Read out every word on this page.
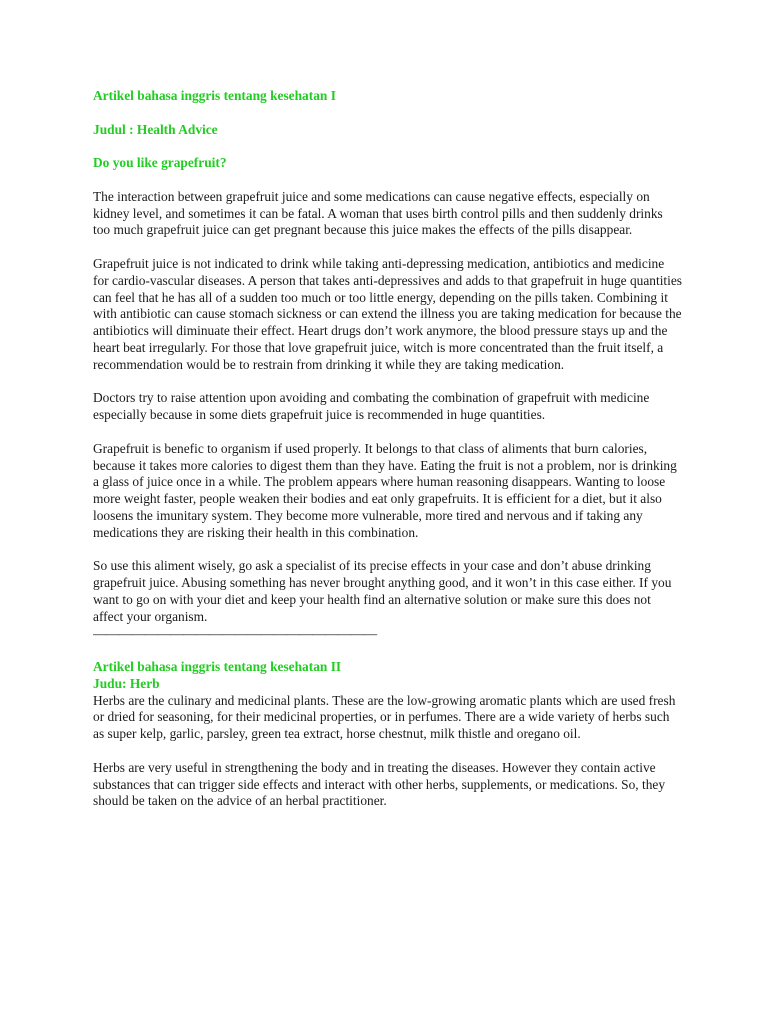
Artikel bahasa inggris tentang kesehatan I

Judul : Health Advice

Do you like grapefruit?

The interaction between grapefruit juice and some medications can cause negative effects, especially on kidney level, and sometimes it can be fatal. A woman that uses birth control pills and then suddenly drinks too much grapefruit juice can get pregnant because this juice makes the effects of the pills disappear.

Grapefruit juice is not indicated to drink while taking anti-depressing medication, antibiotics and medicine for cardio-vascular diseases. A person that takes anti-depressives and adds to that grapefruit in huge quantities can feel that he has all of a sudden too much or too little energy, depending on the pills taken. Combining it with antibiotic can cause stomach sickness or can extend the illness you are taking medication for because the antibiotics will diminuate their effect. Heart drugs don’t work anymore, the blood pressure stays up and the heart beat irregularly. For those that love grapefruit juice, witch is more concentrated than the fruit itself, a recommendation would be to restrain from drinking it while they are taking medication.

Doctors try to raise attention upon avoiding and combating the combination of grapefruit with medicine especially because in some diets grapefruit juice is recommended in huge quantities.

Grapefruit is benefic to organism if used properly. It belongs to that class of aliments that burn calories, because it takes more calories to digest them than they have. Eating the fruit is not a problem, nor is drinking a glass of juice once in a while. The problem appears where human reasoning disappears. Wanting to loose more weight faster, people weaken their bodies and eat only grapefruits. It is efficient for a diet, but it also loosens the imunitary system. They become more vulnerable, more tired and nervous and if taking any medications they are risking their health in this combination.

So use this aliment wisely, go ask a specialist of its precise effects in your case and don’t abuse drinking grapefruit juice. Abusing something has never brought anything good, and it won’t in this case either. If you want to go on with your diet and keep your health find an alternative solution or make sure this does not affect your organism.

——————————————————————

Artikel bahasa inggris tentang kesehatan II

Judu: Herb

Herbs are the culinary and medicinal plants. These are the low-growing aromatic plants which are used fresh or dried for seasoning, for their medicinal properties, or in perfumes. There are a wide variety of herbs such as super kelp, garlic, parsley, green tea extract, horse chestnut, milk thistle and oregano oil.

Herbs are very useful in strengthening the body and in treating the diseases. However they contain active substances that can trigger side effects and interact with other herbs, supplements, or medications. So, they should be taken on the advice of an herbal practitioner.
